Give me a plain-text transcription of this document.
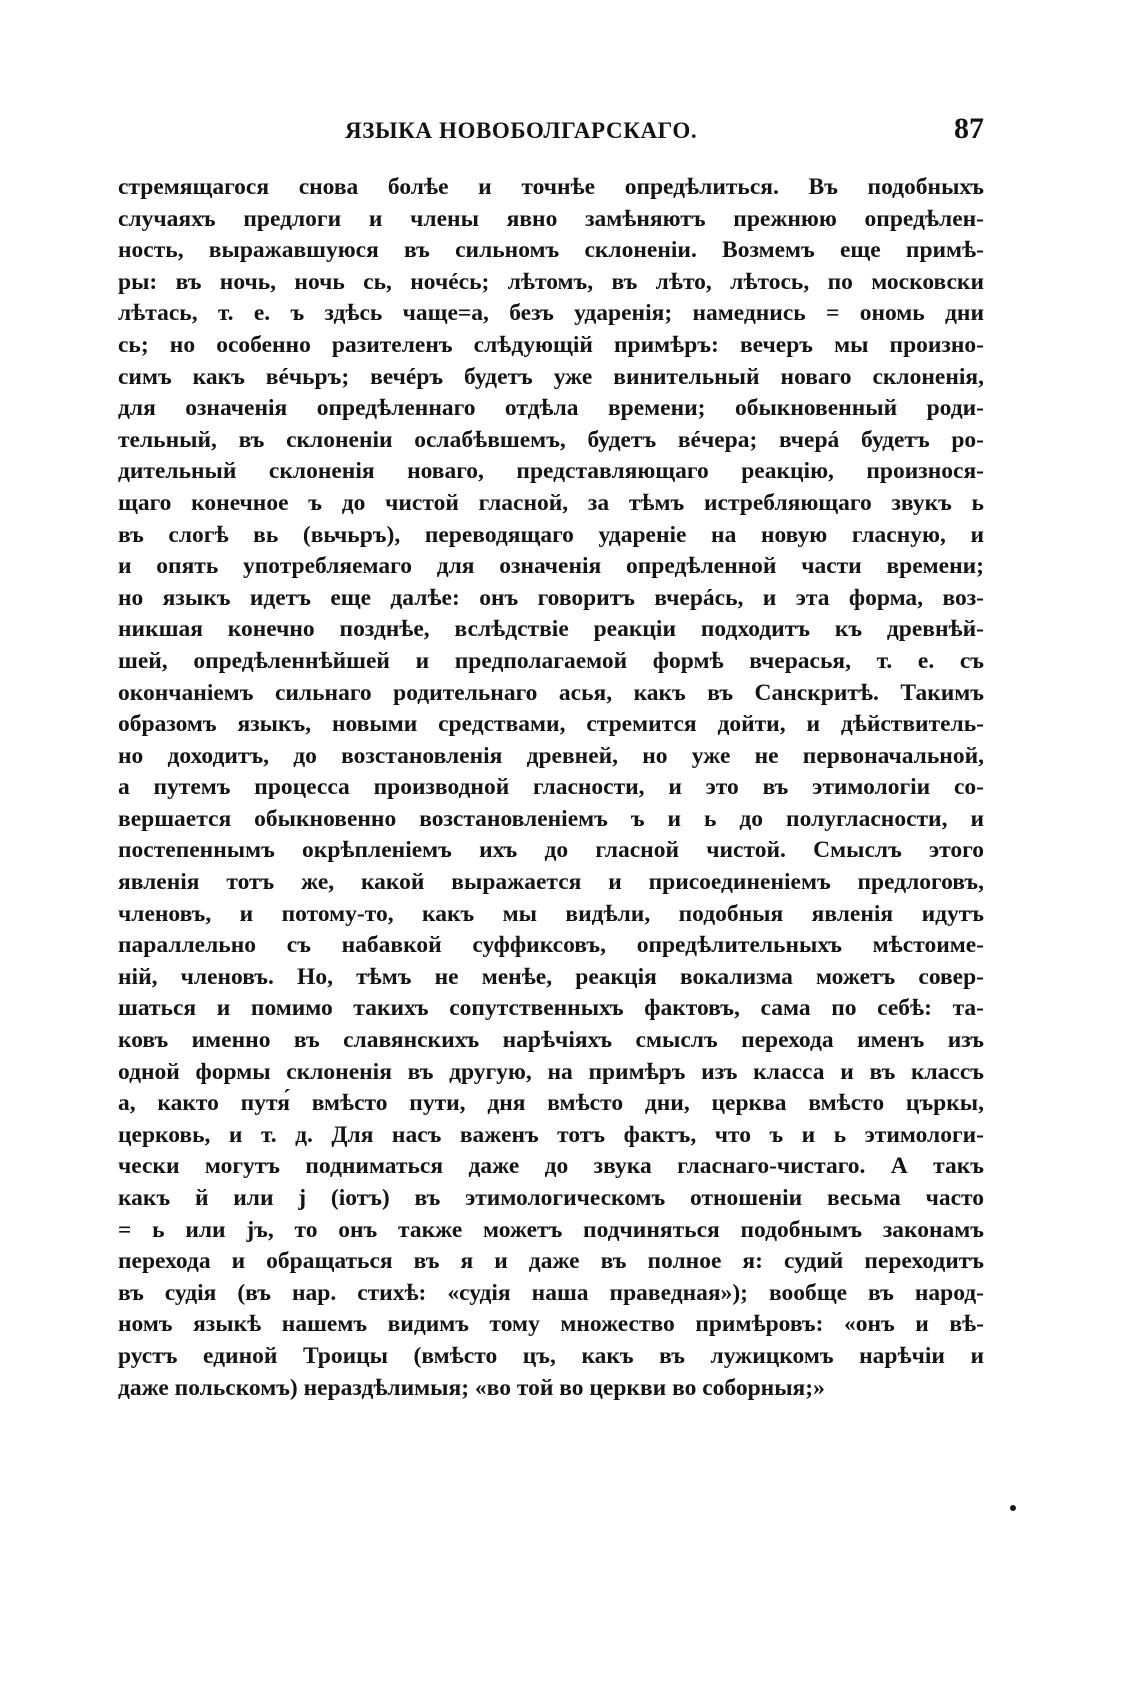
ЯЗЫКА НОВОБОЛГАРСКАГО.	87
стремящагося снова болѣе и точнѣе опредѣлиться. Въ подобныхъ
случаяхъ предлоги и члены явно замѣняютъ прежнюю опредѣлен-
ность, выражавшуюся въ сильномъ склоненіи. Возмемъ еще примѣ-
ры: въ ночь, ночь сь, ночéсь; лѣтомъ, въ лѣто, лѣтось, по московски
лѣтась, т. е. ъ здѣсь чаще=а, безъ ударенія; намеднись = ономь дни
сь; но особенно разителенъ слѣдующій примѣръ: вечеръ мы произно-
симъ какъ вéчьръ; вечéръ будетъ уже винительный новаго склоненія,
для означенія опредѣленнаго отдѣла времени; обыкновенный роди-
тельный, въ склоненіи ослабѣвшемъ, будетъ вéчера; вчерá будетъ ро-
дительный склоненія новаго, представляющаго реакцію, произнося-
щаго конечное ъ до чистой гласной, за тѣмъ истребляющаго звукъ ь
въ слогѣ вь (вьчьръ), переводящаго удареніе на новую гласную, и
и опять употребляемаго для означенія опредѣленной части времени;
но языкъ идетъ еще далѣе: онъ говоритъ вчерáсь, и эта форма, воз-
никшая конечно позднѣе, вслѣдствіе реакціи подходитъ къ древнѣй-
шей, опредѣленнѣйшей и предполагаемой формѣ вчерасья, т. е. съ
окончаніемъ сильнаго родительнаго асья, какъ въ Санскритѣ. Такимъ
образомъ языкъ, новыми средствами, стремится дойти, и дѣйствитель-
но доходитъ, до возстановленія древней, но уже не первоначальной,
а путемъ процесса производной гласности, и это въ этимологіи со-
вершается обыкновенно возстановленіемъ ъ и ь до полугласности, и
постепеннымъ окрѣпленіемъ ихъ до гласной чистой. Смыслъ этого
явленія тотъ же, какой выражается и присоединеніемъ предлоговъ,
членовъ, и потому-то, какъ мы видѣли, подобныя явленія идутъ
параллельно съ набавкой суффиксовъ, опредѣлительныхъ мѣстоиме-
ній, членовъ. Но, тѣмъ не менѣе, реакція вокализма можетъ совер-
шаться и помимо такихъ сопутственныхъ фактовъ, сама по себѣ: та-
ковъ именно въ славянскихъ нарѣчіяхъ смыслъ перехода именъ изъ
одной формы склоненія въ другую, на примѣръ изъ класса и въ классъ
а, както путя́ вмѣсто пути, дня вмѣсто дни, церква вмѣсто църкы,
церковь, и т. д. Для насъ важенъ тотъ фактъ, что ъ и ь этимологи-
чески могутъ подниматься даже до звука гласнаго-чистаго. А такъ
какъ й или j (іотъ) въ этимологическомъ отношеніи весьма часто
= ь или jъ, то онъ также можетъ подчиняться подобнымъ законамъ
перехода и обращаться въ я и даже въ полное я: судий переходитъ
въ судія (въ нар. стихѣ: «судія наша праведная»); вообще въ народ-
номъ языкѣ нашемъ видимъ тому множество примѣровъ: «онъ и вѣ-
рустъ единой Троицы (вмѣсто цъ, какъ въ лужицкомъ нарѣчіи и
даже польскомъ) нераздѣлимыя; «во той во церкви во соборныя;»
